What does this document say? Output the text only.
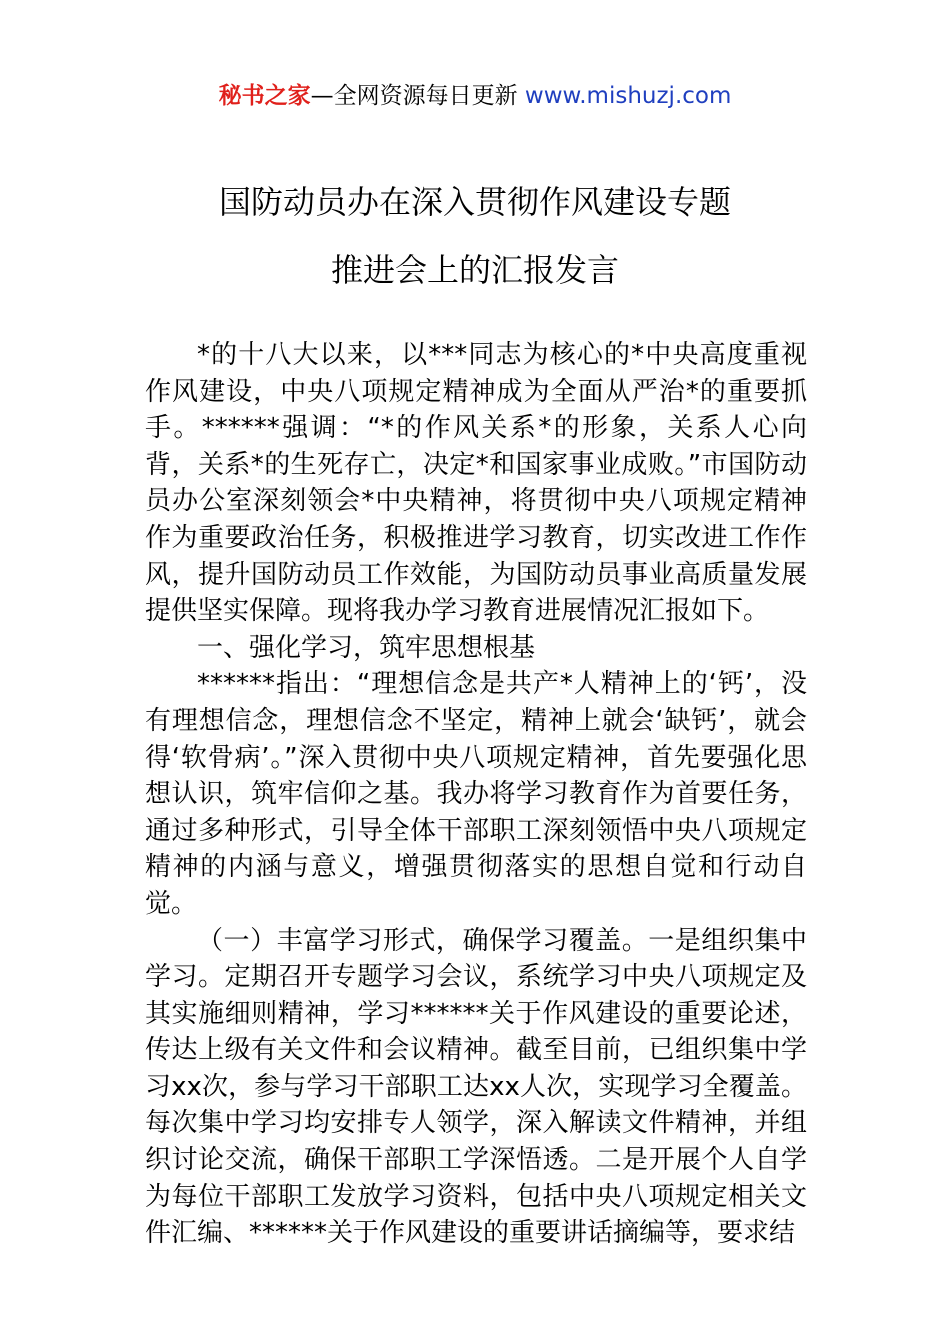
秘书之家—全网资源每日更新 www.mishuzj.com
国防动员办在深入贯彻作风建设专题
推进会上的汇报发言

*的十八大以来，以***同志为核心的*中央高度重视作风建设，中央八项规定精神成为全面从严治*的重要抓手。******强调：“*的作风关系*的形象，关系人心向背，关系*的生死存亡，决定*和国家事业成败。”市国防动员办公室深刻领会*中央精神，将贯彻中央八项规定精神作为重要政治任务，积极推进学习教育，切实改进工作作风，提升国防动员工作效能，为国防动员事业高质量发展提供坚实保障。现将我办学习教育进展情况汇报如下。

一、强化学习，筑牢思想根基

******指出：“理想信念是共产*人精神上的‘钙’，没有理想信念，理想信念不坚定，精神上就会‘缺钙’，就会得‘软骨病’。”深入贯彻中央八项规定精神，首先要强化思想认识，筑牢信仰之基。我办将学习教育作为首要任务，通过多种形式，引导全体干部职工深刻领悟中央八项规定精神的内涵与意义，增强贯彻落实的思想自觉和行动自觉。

（一）丰富学习形式，确保学习覆盖。一是组织集中学习。定期召开专题学习会议，系统学习中央八项规定及其实施细则精神，学习******关于作风建设的重要论述，传达上级有关文件和会议精神。截至目前，已组织集中学习xx次，参与学习干部职工达xx人次，实现学习全覆盖。每次集中学习均安排专人领学，深入解读文件精神，并组织讨论交流，确保干部职工学深悟透。二是开展个人自学为每位干部职工发放学习资料，包括中央八项规定相关文件汇编、******关于作风建设的重要讲话摘编等，要求结
